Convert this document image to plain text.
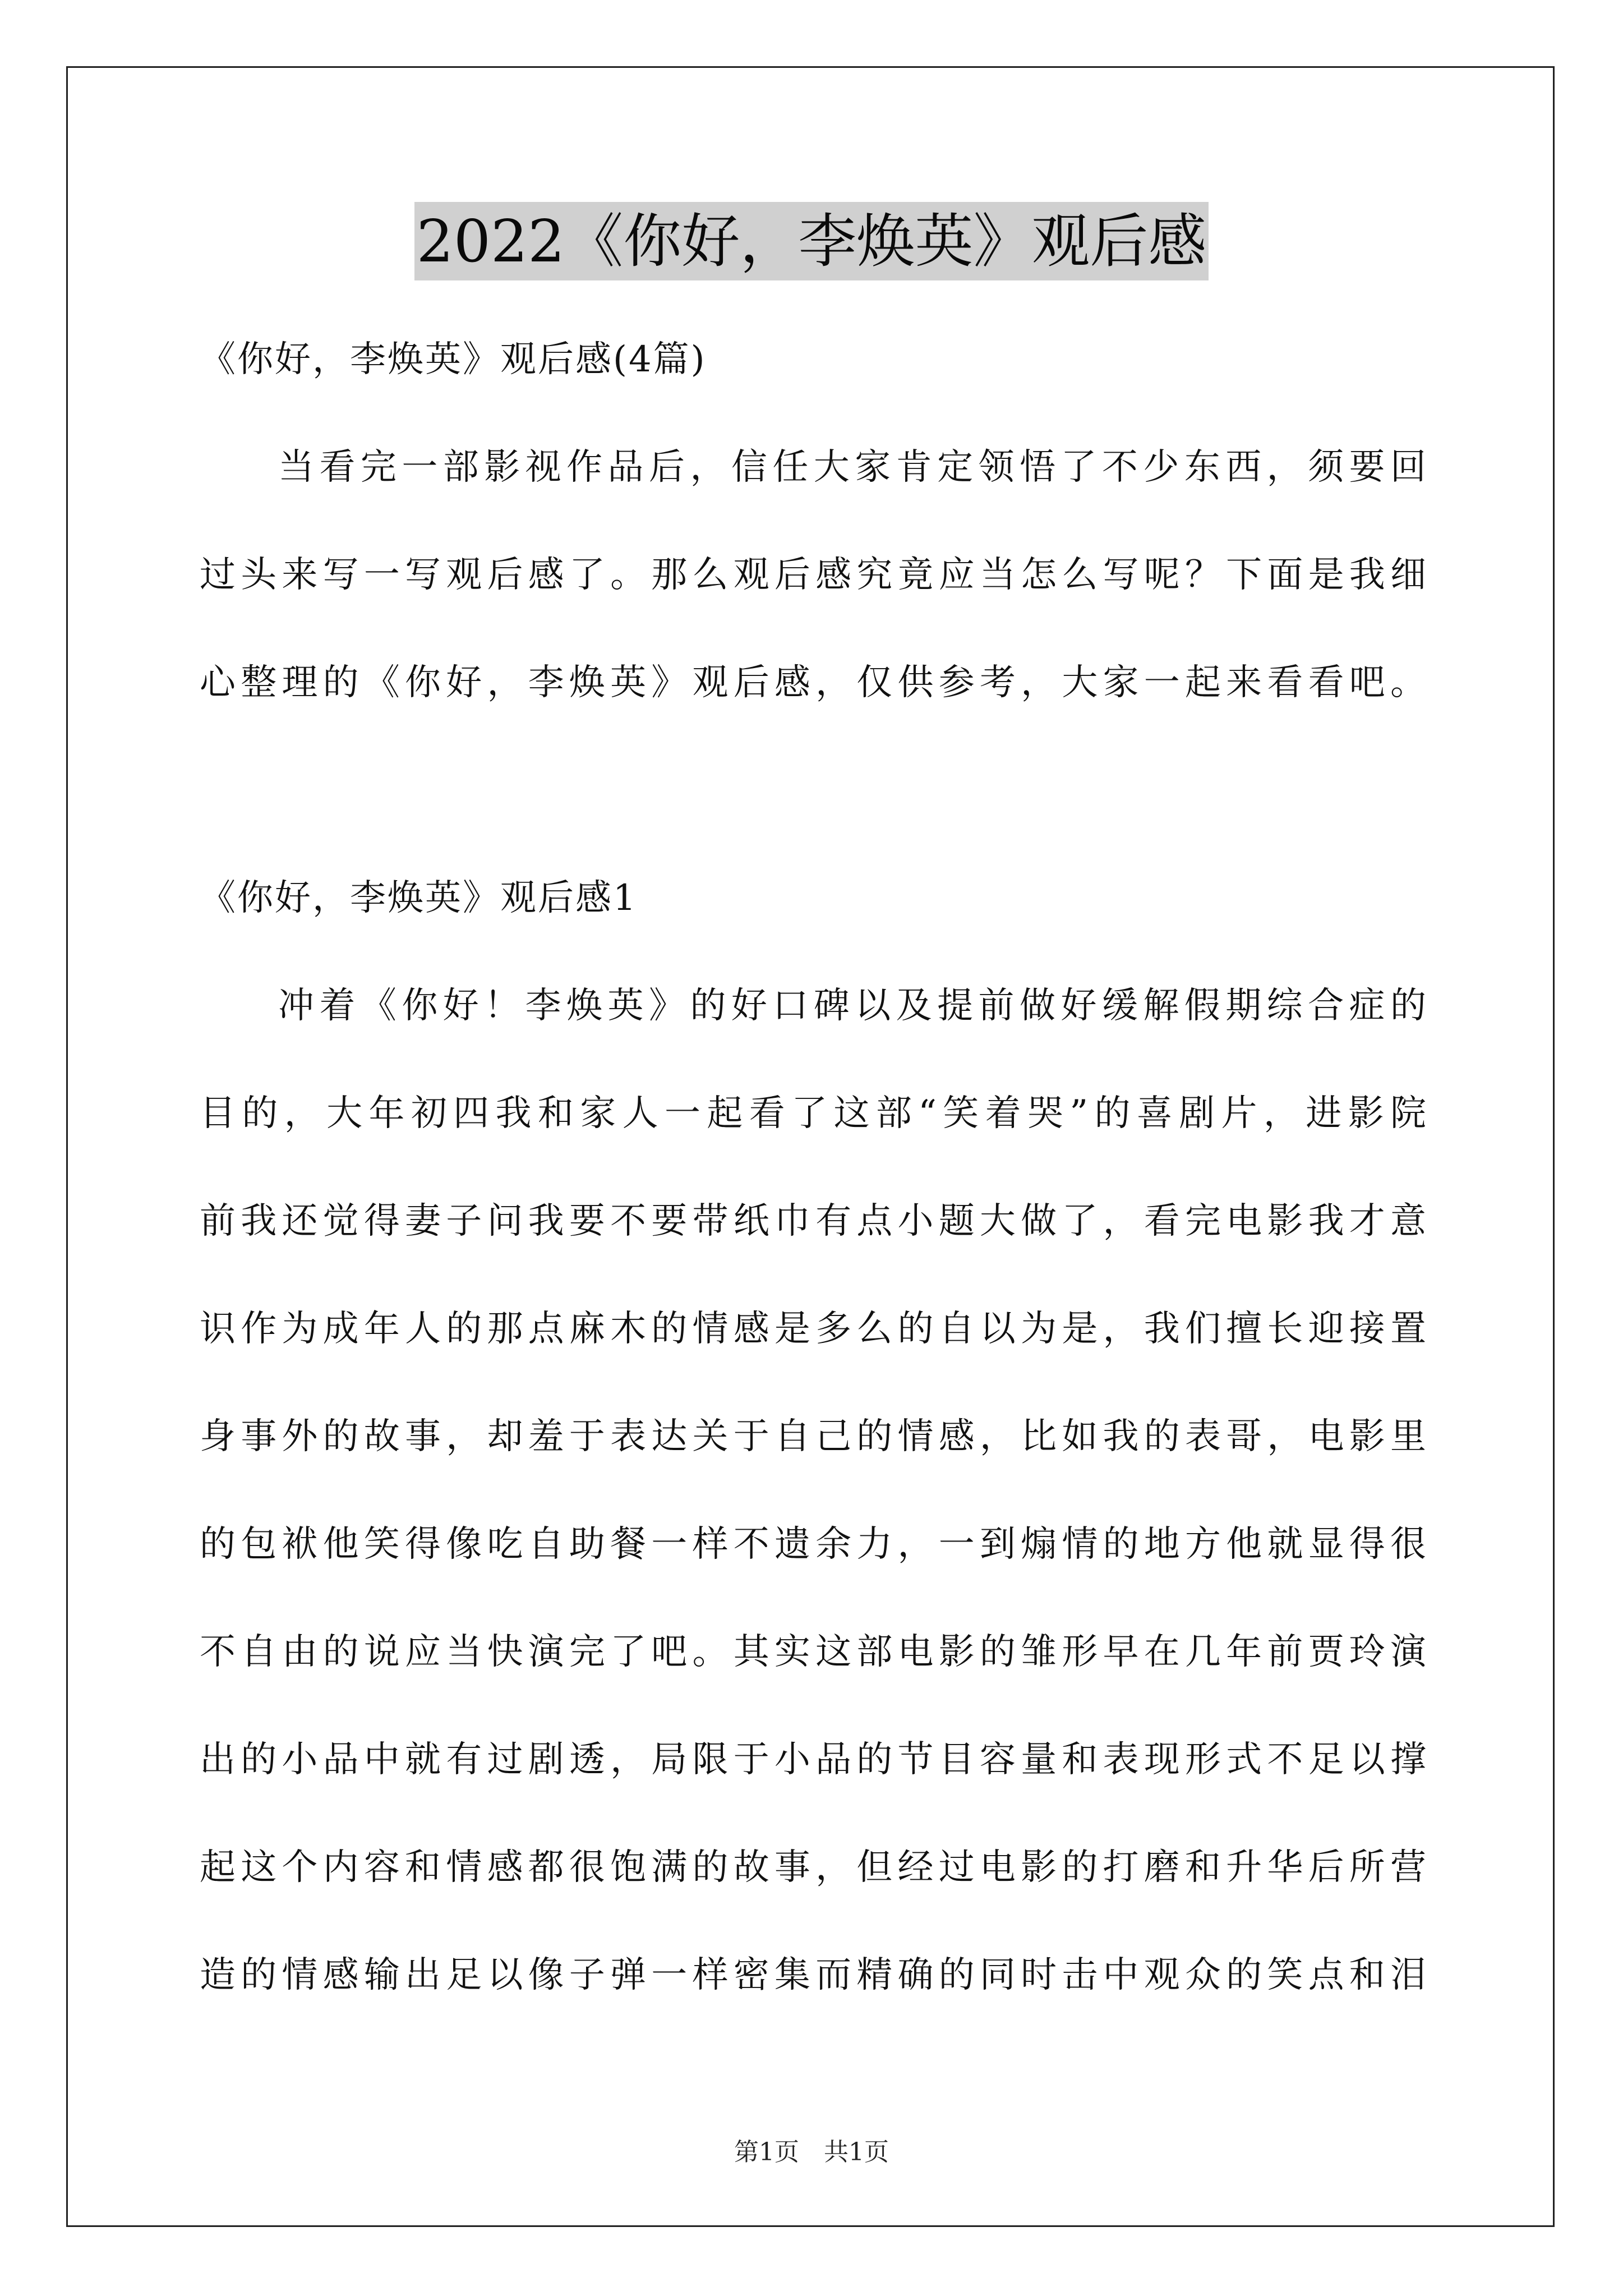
2022《你好，李焕英》观后感
《你好，李焕英》观后感(4篇)
当看完一部影视作品后，信任大家肯定领悟了不少东西，须要回
过头来写一写观后感了。那么观后感究竟应当怎么写呢？下面是我细
心整理的《你好，李焕英》观后感，仅供参考，大家一起来看看吧。
《你好，李焕英》观后感1
冲着《你好！李焕英》的好口碑以及提前做好缓解假期综合症的
目的，大年初四我和家人一起看了这部“笑着哭”的喜剧片，进影院
前我还觉得妻子问我要不要带纸巾有点小题大做了，看完电影我才意
识作为成年人的那点麻木的情感是多么的自以为是，我们擅长迎接置
身事外的故事，却羞于表达关于自己的情感，比如我的表哥，电影里
的包袱他笑得像吃自助餐一样不遗余力，一到煽情的地方他就显得很
不自由的说应当快演完了吧。其实这部电影的雏形早在几年前贾玲演
出的小品中就有过剧透，局限于小品的节目容量和表现形式不足以撑
起这个内容和情感都很饱满的故事，但经过电影的打磨和升华后所营
造的情感输出足以像子弹一样密集而精确的同时击中观众的笑点和泪
第1页　共1页
